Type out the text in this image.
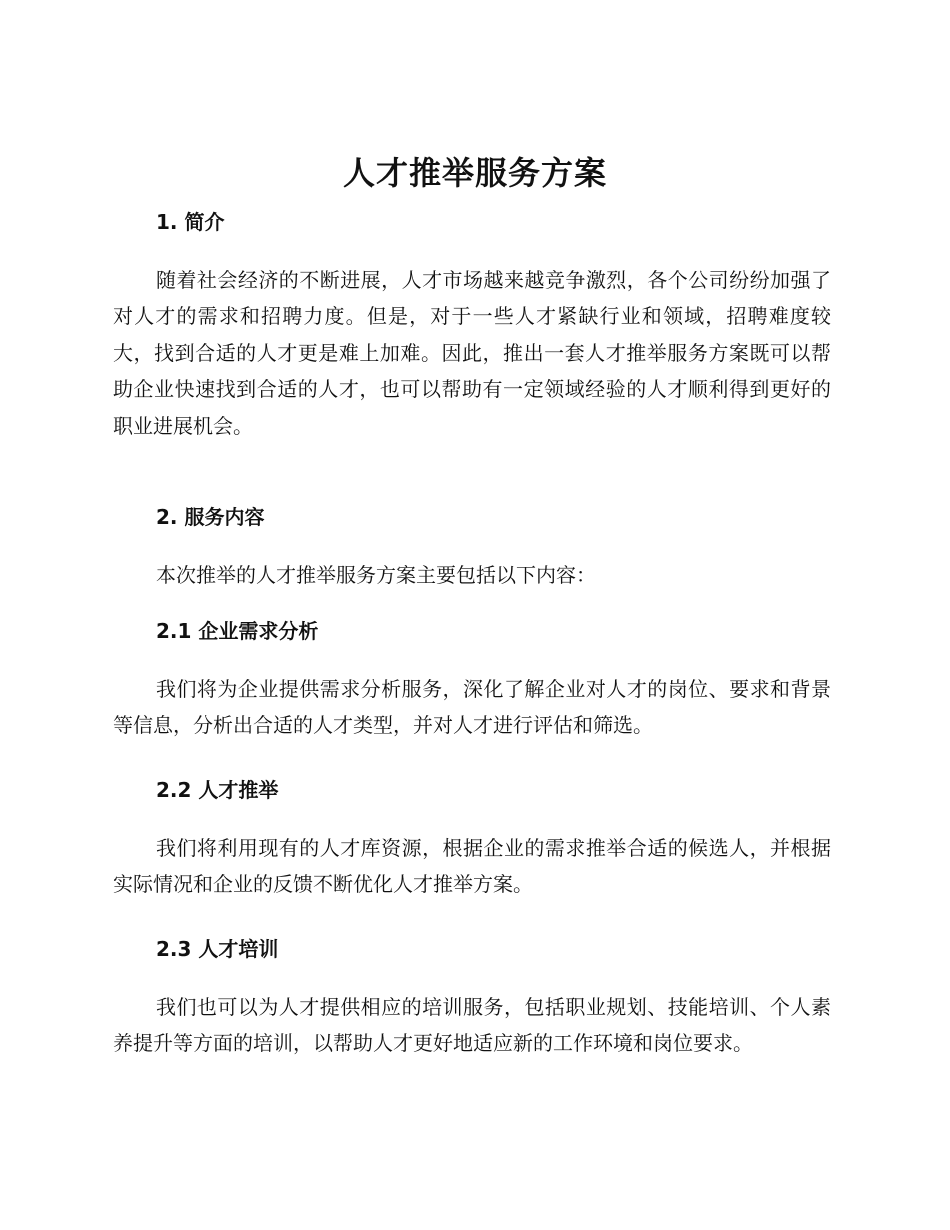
人才推举服务方案
1. 简介

随着社会经济的不断进展，人才市场越来越竞争激烈，各个公司纷纷加强了对人才的需求和招聘力度。但是，对于一些人才紧缺行业和领域，招聘难度较大，找到合适的人才更是难上加难。因此，推出一套人才推举服务方案既可以帮助企业快速找到合适的人才，也可以帮助有一定领域经验的人才顺利得到更好的职业进展机会。

2. 服务内容

本次推举的人才推举服务方案主要包括以下内容：

2.1 企业需求分析

我们将为企业提供需求分析服务，深化了解企业对人才的岗位、要求和背景等信息，分析出合适的人才类型，并对人才进行评估和筛选。

2.2 人才推举

我们将利用现有的人才库资源，根据企业的需求推举合适的候选人，并根据实际情况和企业的反馈不断优化人才推举方案。

2.3 人才培训

我们也可以为人才提供相应的培训服务，包括职业规划、技能培训、个人素养提升等方面的培训，以帮助人才更好地适应新的工作环境和岗位要求。
